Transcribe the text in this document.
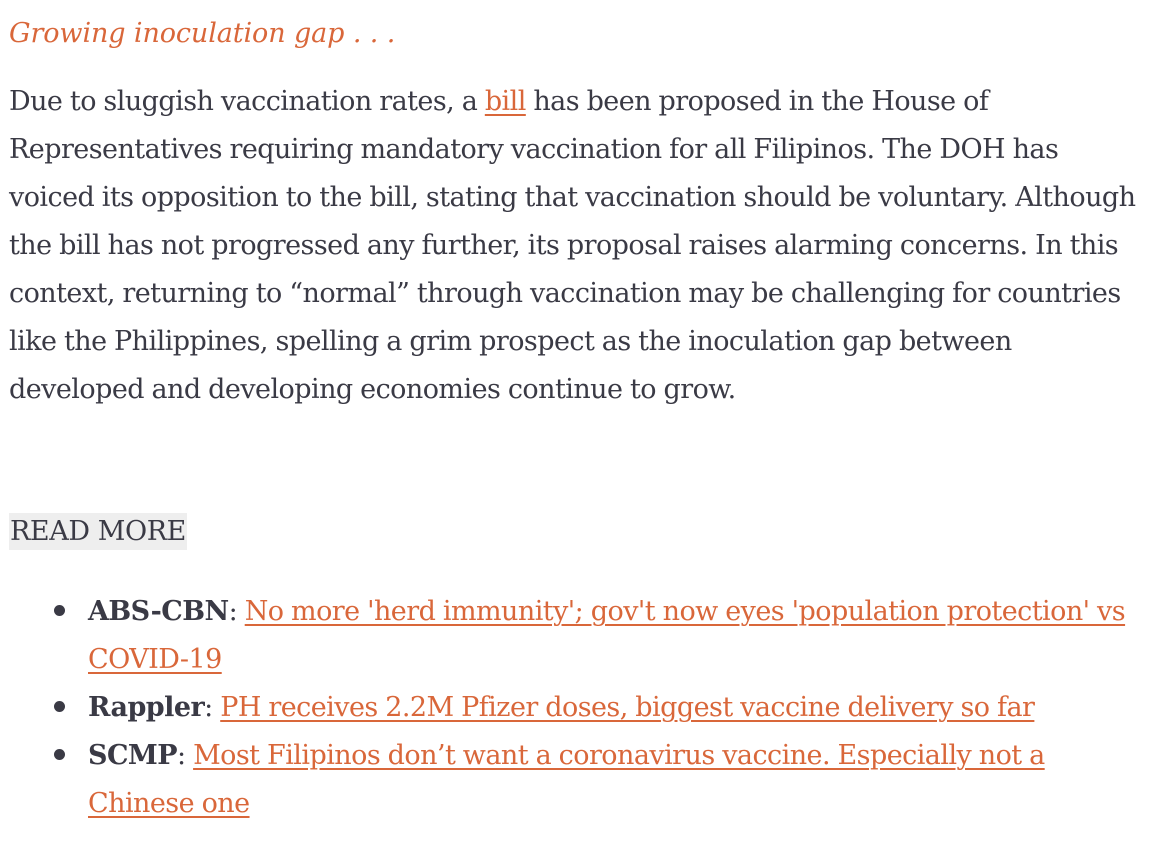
Growing inoculation gap . . .

Due to sluggish vaccination rates, a bill has been proposed in the House of Representatives requiring mandatory vaccination for all Filipinos. The DOH has voiced its opposition to the bill, stating that vaccination should be voluntary. Although the bill has not progressed any further, its proposal raises alarming concerns. In this context, returning to “normal” through vaccination may be challenging for countries like the Philippines, spelling a grim prospect as the inoculation gap between developed and developing economies continue to grow.

READ MORE
ABS-CBN: No more 'herd immunity'; gov't now eyes 'population protection' vs COVID-19
Rappler: PH receives 2.2M Pfizer doses, biggest vaccine delivery so far
SCMP: Most Filipinos don’t want a coronavirus vaccine. Especially not a Chinese one
